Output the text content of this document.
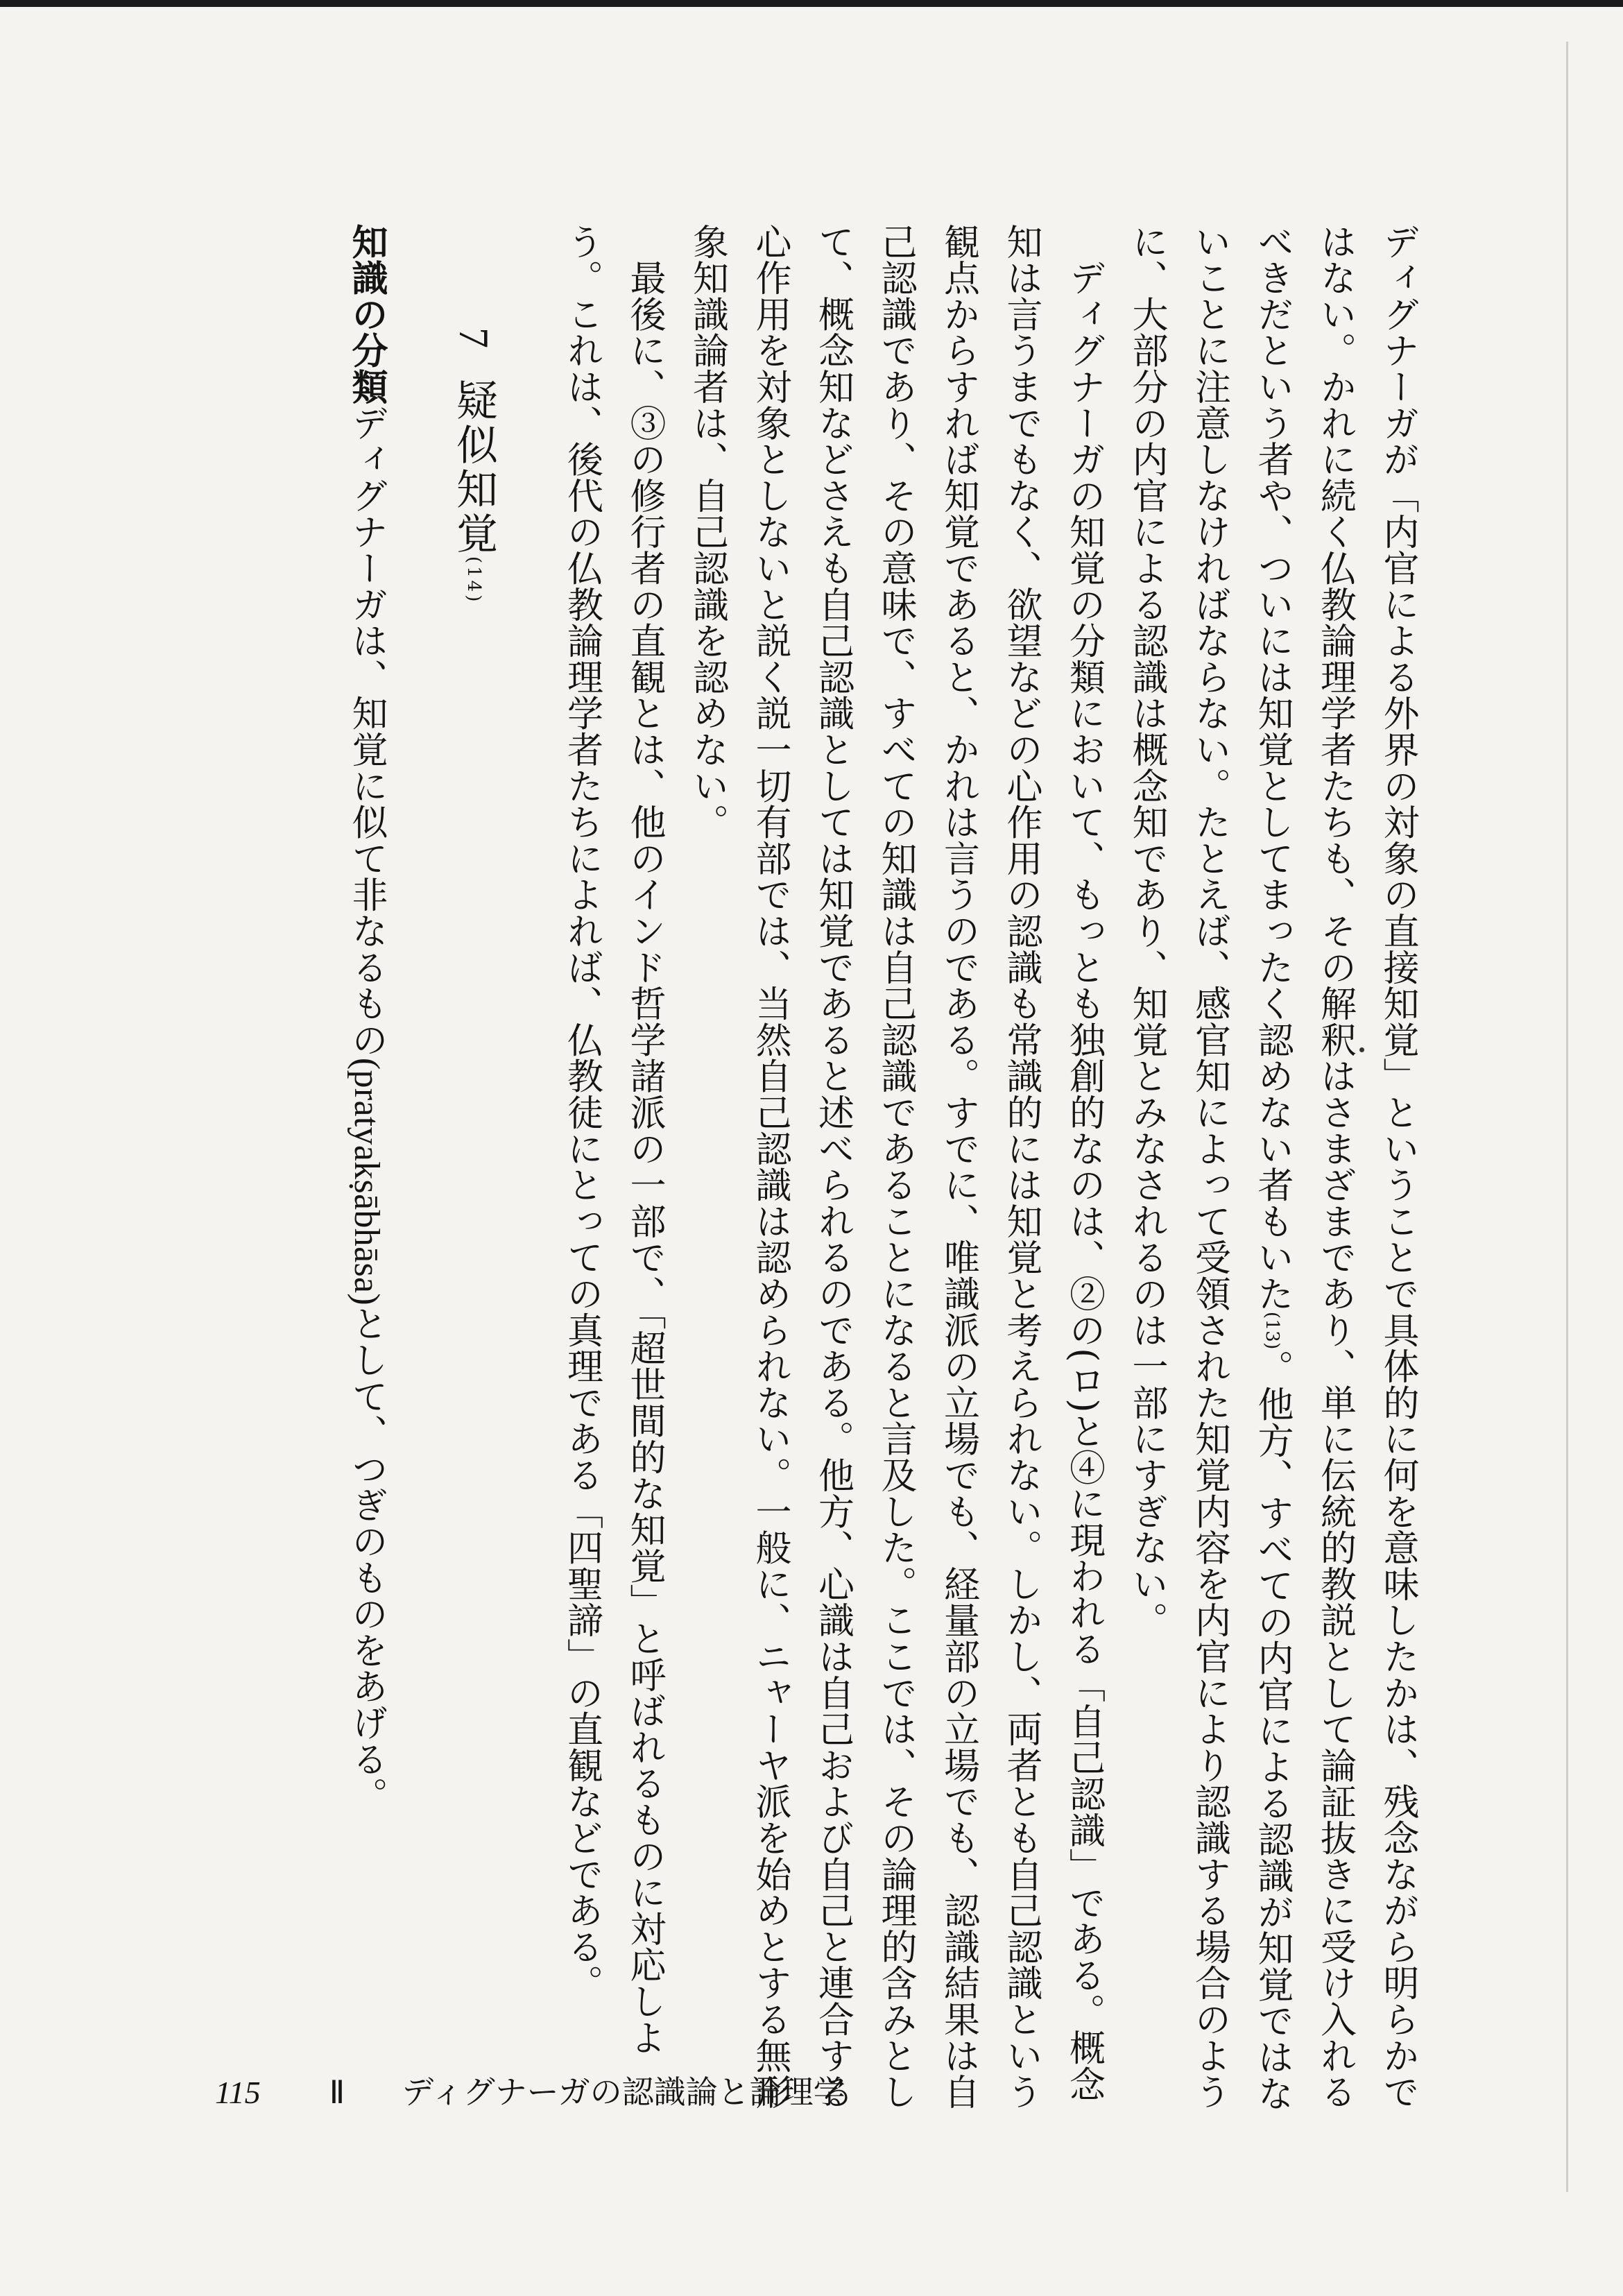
ディグナーガが「内官による外界の対象の直接知覚」ということで具体的に何を意味したかは、残念ながら明らかではない。かれに続く仏教論理学者たちも、その解釈はさまざまであり、単に伝統的教説として論証抜きに受け入れるべきだという者や、ついには知覚としてまったく認めない者もいた(13)。他方、すべての内官による認識が知覚ではないことに注意しなければならない。たとえば、感官知によって受領された知覚内容を内官により認識する場合のように、大部分の内官による認識は概念知であり、知覚とみなされるのは一部にすぎない。

　ディグナーガの知覚の分類において、もっとも独創的なのは、②の(ロ)と④に現われる「自己認識」である。概念知は言うまでもなく、欲望などの心作用の認識も常識的には知覚と考えられない。しかし、両者とも自己認識という観点からすれば知覚であると、かれは言うのである。すでに、唯識派の立場でも、経量部の立場でも、認識結果は自己認識であり、その意味で、すべての知識は自己認識であることになると言及した。ここでは、その論理的含みとして、概念知などさえも自己認識としては知覚であると述べられるのである。他方、心識は自己および自己と連合する心作用を対象としないと説く説一切有部では、当然自己認識は認められない。一般に、ニャーヤ派を始めとする無形象知識論者は、自己認識を認めない。

　最後に、③の修行者の直観とは、他のインド哲学諸派の一部で、「超世間的な知覚」と呼ばれるものに対応しよう。これは、後代の仏教論理学者たちによれば、仏教徒にとっての真理である「四聖諦」の直観などである。

7疑似知覚(14)

知識の分類ディグナーガは、知覚に似て非なるもの(pratyakṣābhāsa)として、つぎのものをあげる。

115 Ⅱ ディグナーガの認識論と論理学
